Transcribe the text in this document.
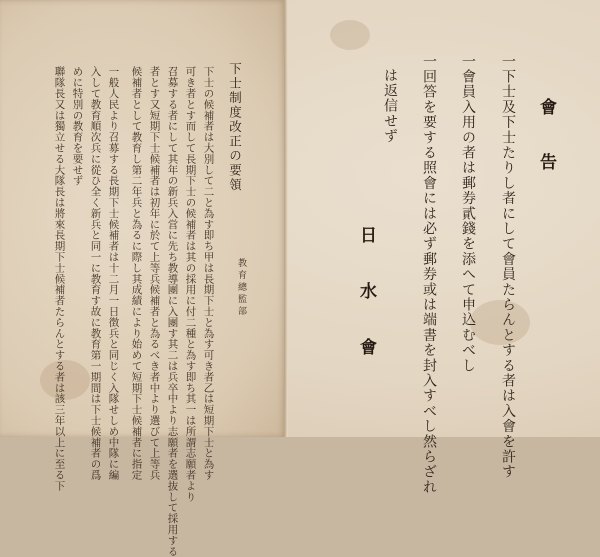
下士制度改正の要領
教育總監部
下士の候補者は大別して二と為す即ち甲は長期下士と為す可き者乙は短期下士と為す
可き者とす而して長期下士の候補者は其の採用に付二種と為す即ち其一は所謂志願者より
召募する者にして其年の新兵入営に先ち教導團に入團す其二は兵卒中より志願者を選抜して採用する
者とす又短期下士候補者は初年に於て上等兵候補者と為るべき者中より選びて上等兵
候補者として教育し第二年兵と為るに際し其成績により始めて短期下士候補者に指定
一般人民より召募する長期下士候補者は十二月一日徴兵と同じく入隊せしめ中隊に編
入して教育順次兵に從ひ全く新兵と同一に教育す故に教育第一期間は下士候補者の爲
めに特別の教育を要せず
聯隊長又は獨立せる大隊長は將來長期下士候補者たらんとする者は該三年以上に至る下	會 告
一下士及下士たりし者にして會員たらんとする者は入會を許す
一會員入用の者は郵券貳錢を添へて申込むべし
一回答を要する照會には必ず郵券或は端書を封入すべし然らざれ
は返信せず
日
水
會
